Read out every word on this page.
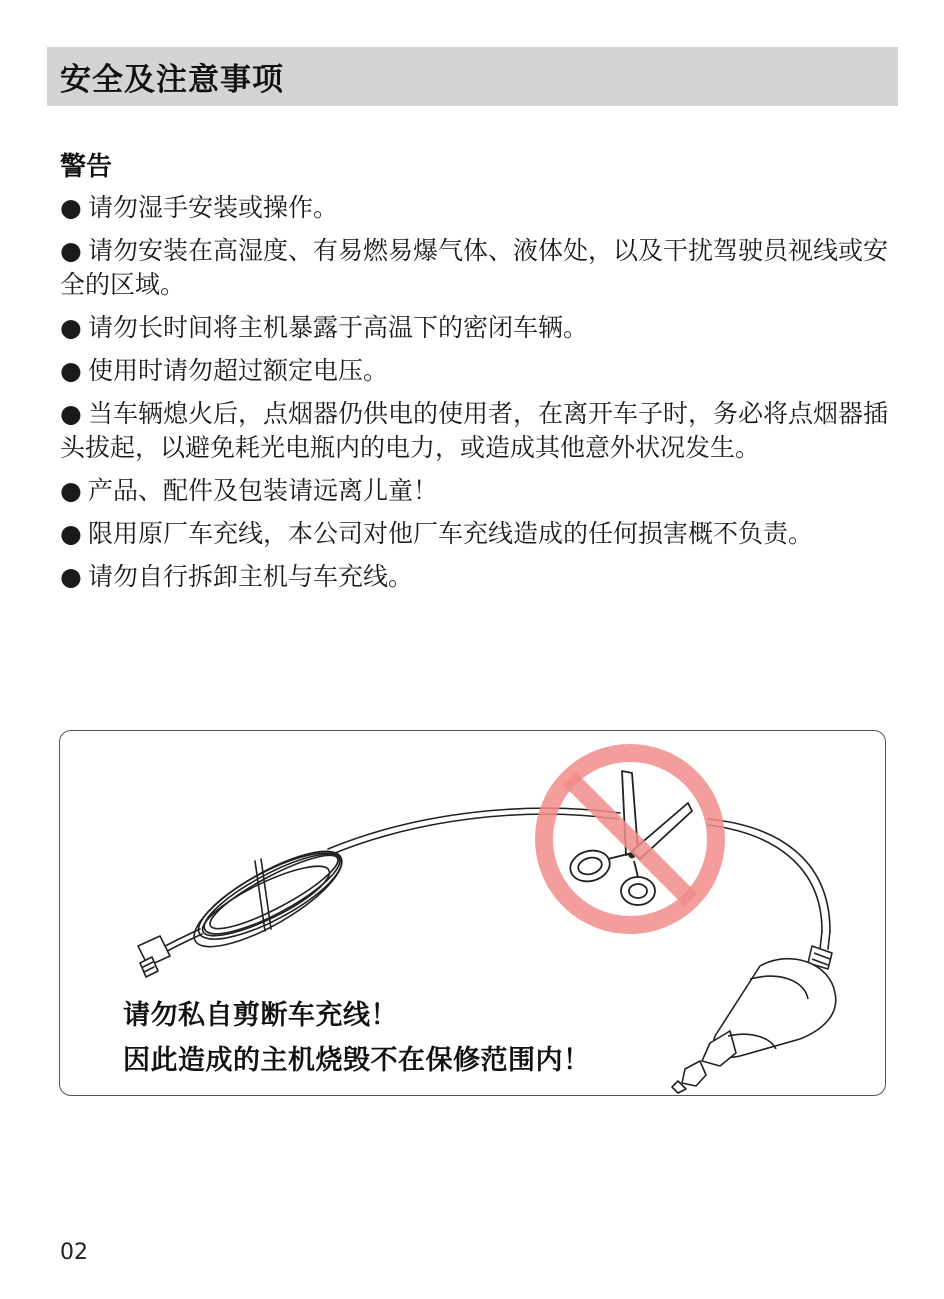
安全及注意事项
警告
● 请勿湿手安装或操作。
● 请勿安装在高湿度、有易燃易爆气体、液体处，以及干扰驾驶员视线或安全的区域。
● 请勿长时间将主机暴露于高温下的密闭车辆。
● 使用时请勿超过额定电压。
● 当车辆熄火后，点烟器仍供电的使用者，在离开车子时，务必将点烟器插头拔起，以避免耗光电瓶内的电力，或造成其他意外状况发生。
● 产品、配件及包装请远离儿童！
● 限用原厂车充线，本公司对他厂车充线造成的任何损害概不负责。
● 请勿自行拆卸主机与车充线。

请勿私自剪断车充线！

因此造成的主机烧毁不在保修范围内！

02
